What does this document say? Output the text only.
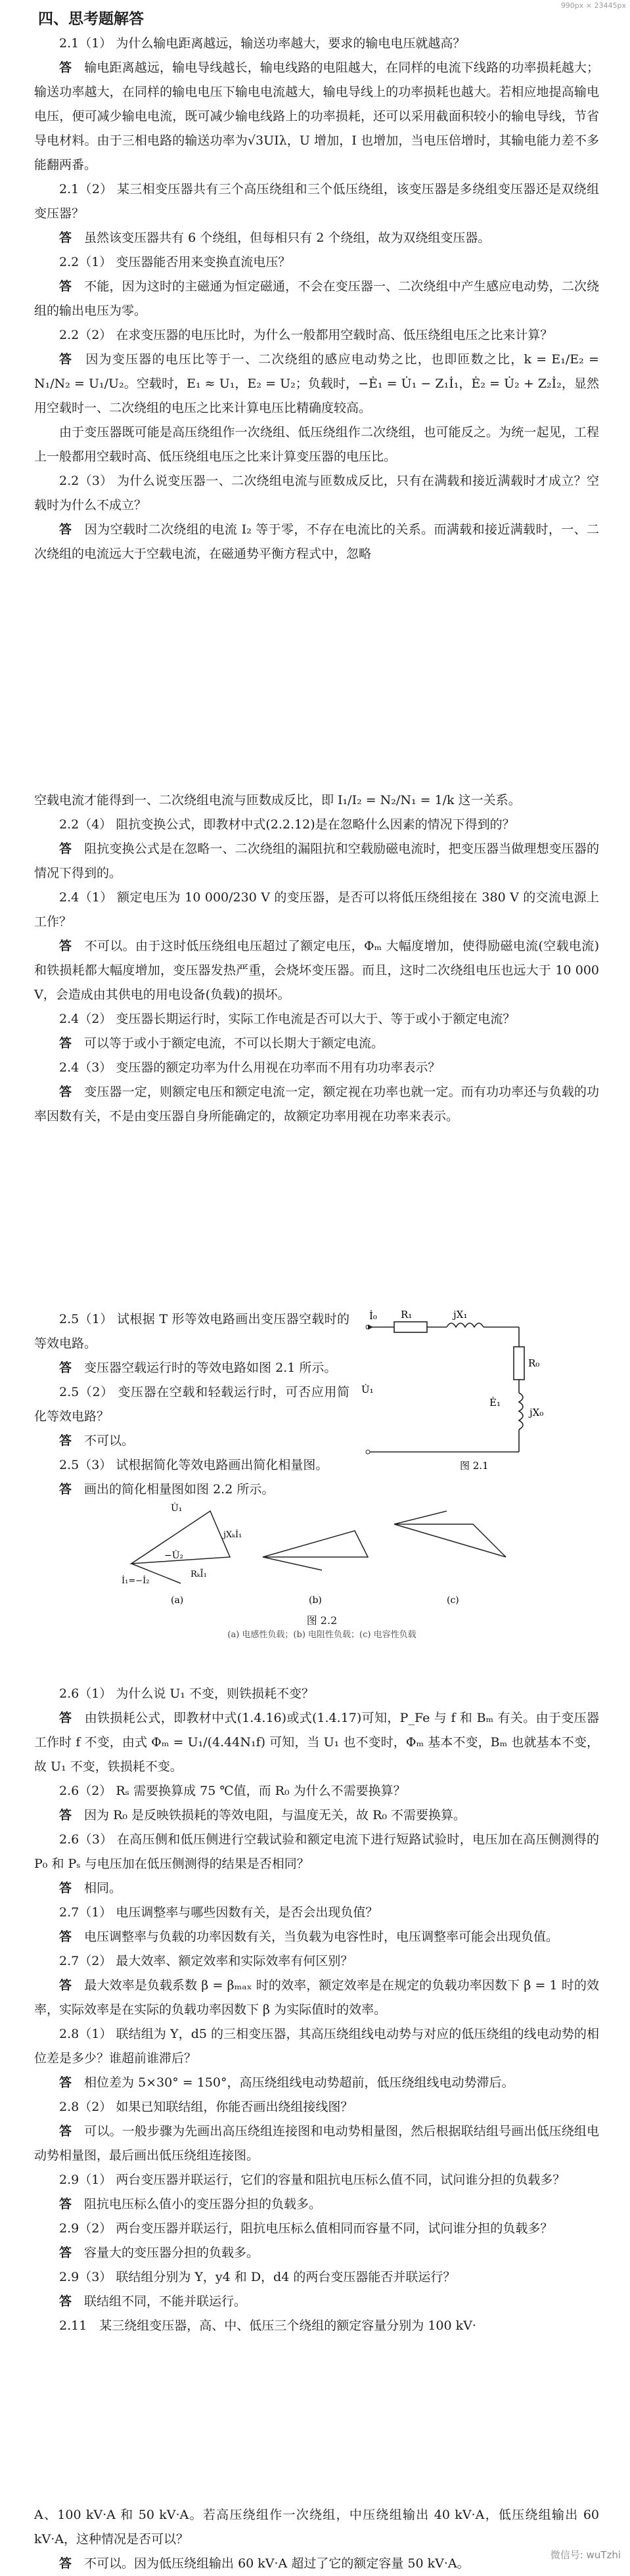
990px × 23445px
四、思考题解答

2.1（1） 为什么输电距离越远，输送功率越大，要求的输电电压就越高？

答　 输电距离越远，输电导线越长，输电线路的电阻越大，在同样的电流下线路的功率损耗越大；输送功率越大，在同样的输电电压下输电电流越大，输电导线上的功率损耗也越大。若相应地提高输电电压，便可减少输电电流，既可减少输电线路上的功率损耗，还可以采用截面积较小的输电导线，节省导电材料。由于三相电路的输送功率为√3UIλ，U 增加，I 也增加，当电压倍增时，其输电能力差不多能翻两番。

2.1（2） 某三相变压器共有三个高压绕组和三个低压绕组，该变压器是多绕组变压器还是双绕组变压器？

答　 虽然该变压器共有 6 个绕组，但每相只有 2 个绕组，故为双绕组变压器。

2.2（1） 变压器能否用来变换直流电压？

答　 不能，因为这时的主磁通为恒定磁通，不会在变压器一、二次绕组中产生感应电动势，二次绕组的输出电压为零。

2.2（2） 在求变压器的电压比时，为什么一般都用空载时高、低压绕组电压之比来计算？

答　 因为变压器的电压比等于一、二次绕组的感应电动势之比，也即匝数之比，k = E₁/E₂ = N₁/N₂ = U₁/U₂。空载时，E₁ ≈ U₁，E₂ = U₂；负载时，−Ė₁ = U̇₁ − Z₁İ₁，Ė₂ = U̇₂ + Z₂İ₂，显然用空载时一、二次绕组的电压之比来计算电压比精确度较高。

由于变压器既可能是高压绕组作一次绕组、低压绕组作二次绕组，也可能反之。为统一起见，工程上一般都用空载时高、低压绕组电压之比来计算变压器的电压比。

2.2（3） 为什么说变压器一、二次绕组电流与匝数成反比，只有在满载和接近满载时才成立？空载时为什么不成立？

答　 因为空载时二次绕组的电流 I₂ 等于零，不存在电流比的关系。而满载和接近满载时，一、二次绕组的电流远大于空载电流，在磁通势平衡方程式中，忽略

空载电流才能得到一、二次绕组电流与匝数成反比，即 I₁/I₂ = N₂/N₁ = 1/k 这一关系。

2.2（4） 阻抗变换公式，即教材中式(2.2.12)是在忽略什么因素的情况下得到的？

答　 阻抗变换公式是在忽略一、二次绕组的漏阻抗和空载励磁电流时，把变压器当做理想变压器的情况下得到的。

2.4（1） 额定电压为 10 000/230 V 的变压器，是否可以将低压绕组接在 380 V 的交流电源上工作？

答　 不可以。由于这时低压绕组电压超过了额定电压，Φₘ 大幅度增加，使得励磁电流(空载电流)和铁损耗都大幅度增加，变压器发热严重，会烧坏变压器。而且，这时二次绕组电压也远大于 10 000 V，会造成由其供电的用电设备(负载)的损坏。

2.4（2） 变压器长期运行时，实际工作电流是否可以大于、等于或小于额定电流？

答　 可以等于或小于额定电流，不可以长期大于额定电流。

2.4（3） 变压器的额定功率为什么用视在功率而不用有功功率表示？

答　 变压器一定，则额定电压和额定电流一定，额定视在功率也就一定。而有功功率还与负载的功率因数有关，不是由变压器自身所能确定的，故额定功率用视在功率来表示。

2.5（1） 试根据 T 形等效电路画出变压器空载时的等效电路。

答　 变压器空载运行时的等效电路如图 2.1 所示。

2.5（2） 变压器在空载和轻载运行时，可否应用简化等效电路？

答　 不可以。

2.5（3） 试根据简化等效电路画出简化相量图。

答　 画出的简化相量图如图 2.2 所示。

İ₀ R₁	jX₁
U̇₁
Ė₁
R₀
jX₀
图 2.1
U̇₁
−U̇₂
jXₖİ₁
RₖĪ₁
İ₁=−İ₂
(a)	(b)	(c)
图 2.2
(a) 电感性负载；(b) 电阻性负载；(c) 电容性负载

2.6（1） 为什么说 U₁ 不变，则铁损耗不变？

答　 由铁损耗公式，即教材中式(1.4.16)或式(1.4.17)可知，P_Fe 与 f 和 Bₘ 有关。由于变压器工作时 f 不变，由式 Φₘ = U₁/(4.44N₁f) 可知，当 U₁ 也不变时，Φₘ 基本不变，Bₘ 也就基本不变，故 U₁ 不变，铁损耗不变。

2.6（2） Rₛ 需要换算成 75 ℃值，而 R₀ 为什么不需要换算？

答　 因为 R₀ 是反映铁损耗的等效电阻，与温度无关，故 R₀ 不需要换算。

2.6（3） 在高压侧和低压侧进行空载试验和额定电流下进行短路试验时，电压加在高压侧测得的 P₀ 和 Pₛ 与电压加在低压侧测得的结果是否相同？

答　 相同。

2.7（1） 电压调整率与哪些因数有关，是否会出现负值？

答　 电压调整率与负载的功率因数有关，当负载为电容性时，电压调整率可能会出现负值。

2.7（2） 最大效率、额定效率和实际效率有何区别？

答　 最大效率是负载系数 β = βₘₐₓ 时的效率，额定效率是在规定的负载功率因数下 β = 1 时的效率，实际效率是在实际的负载功率因数下 β 为实际值时的效率。

2.8（1） 联结组为 Y，d5 的三相变压器，其高压绕组线电动势与对应的低压绕组的线电动势的相位差是多少？谁超前谁滞后？

答　 相位差为 5×30° = 150°，高压绕组线电动势超前，低压绕组线电动势滞后。

2.8（2） 如果已知联结组，你能否画出绕组接线图？

答　 可以。一般步骤为先画出高压绕组连接图和电动势相量图，然后根据联结组号画出低压绕组电动势相量图，最后画出低压绕组连接图。

2.9（1） 两台变压器并联运行，它们的容量和阻抗电压标么值不同，试问谁分担的负载多？

答　 阻抗电压标么值小的变压器分担的负载多。

2.9（2） 两台变压器并联运行，阻抗电压标么值相同而容量不同，试问谁分担的负载多？

答　 容量大的变压器分担的负载多。

2.9（3） 联结组分别为 Y，y4 和 D，d4 的两台变压器能否并联运行？

答　 联结组不同，不能并联运行。

2.11　某三绕组变压器，高、中、低压三个绕组的额定容量分别为 100 kV·

A、100 kV·A 和 50 kV·A。若高压绕组作一次绕组，中压绕组输出 40 kV·A，低压绕组输出 60 kV·A，这种情况是否可以？

答　 不可以。因为低压绕组输出 60 kV·A 超过了它的额定容量 50 kV·A。

微信号: wuTzhi
